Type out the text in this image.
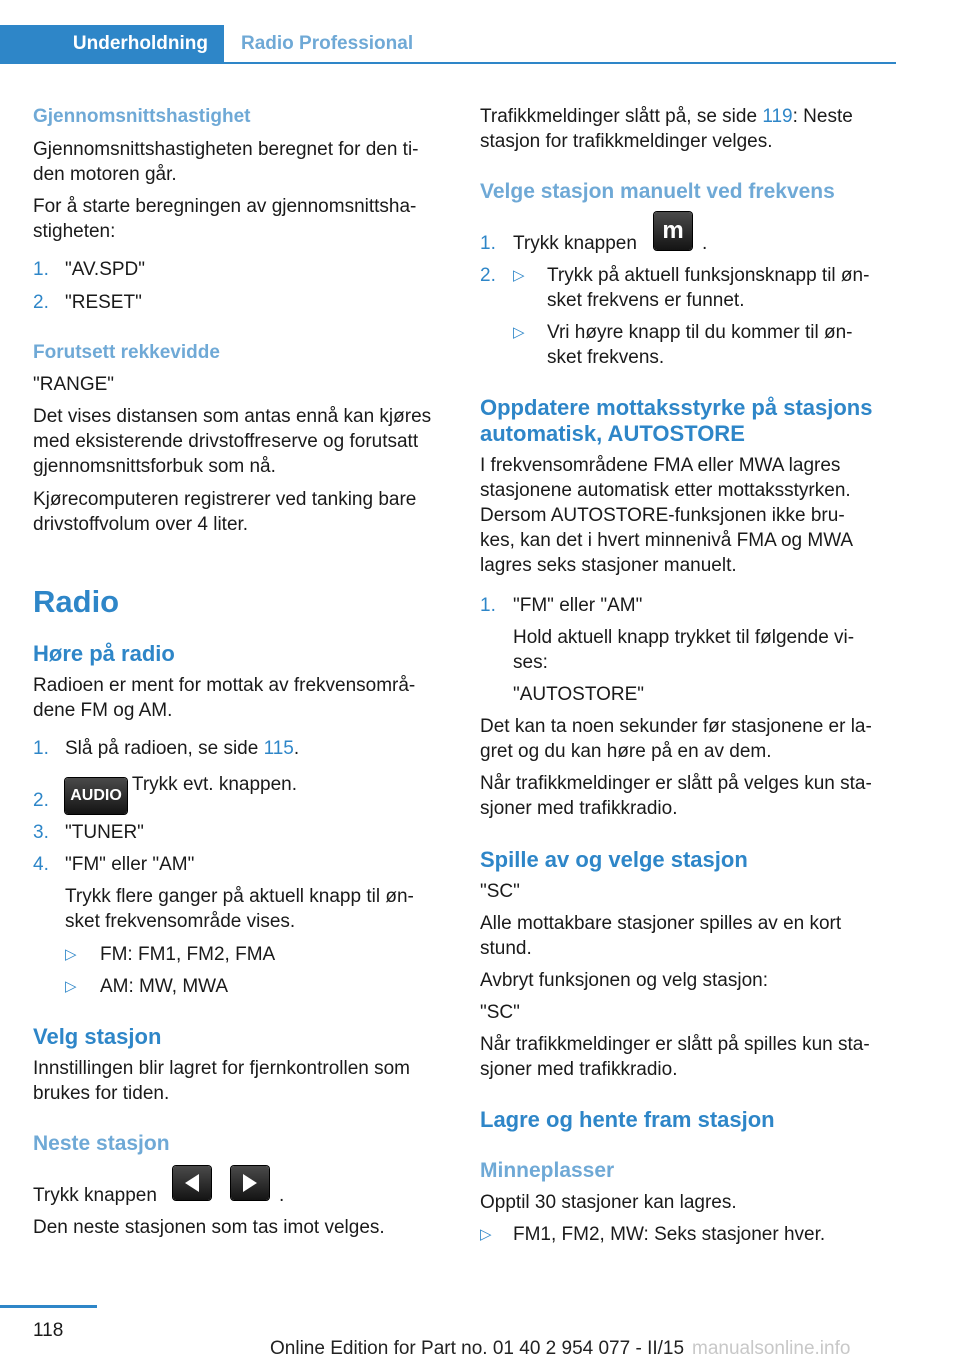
Underholdning	Radio Professional
Gjennomsnittshastighet
Gjennomsnittshastigheten beregnet for den ti-
den motoren går.
For å starte beregningen av gjennomsnittsha-
stigheten:
1. "AV.SPD"
2. "RESET"
Forutsett rekkevidde
"RANGE"
Det vises distansen som antas ennå kan kjøres
med eksisterende drivstoffreserve og forutsatt
gjennomsnittsforbuk som nå.
Kjørecomputeren registrerer ved tanking bare
drivstoffvolum over 4 liter.
Radio
Høre på radio
Radioen er ment for mottak av frekvensområ-
dene FM og AM.
1. Slå på radioen, se side 115.
2.	AUDIO Trykk evt. knappen.
3. "TUNER"
4. "FM" eller "AM"
Trykk flere ganger på aktuell knapp til øn-
sket frekvensområde vises.
▷ FM: FM1, FM2, FMA
▷ AM: MW, MWA
Velg stasjon
Innstillingen blir lagret for fjernkontrollen som
brukes for tiden.
Neste stasjon
Trykk knappen	.
Den neste stasjonen som tas imot velges.
Trafikkmeldinger slått på, se side 119: Neste
stasjon for trafikkmeldinger velges.
Velge stasjon manuelt ved frekvens
1. Trykk knappen	m .
2. ▷ Trykk på aktuell funksjonsknapp til øn-
sket frekvens er funnet.
▷ Vri høyre knapp til du kommer til øn-
sket frekvens.
Oppdatere mottaksstyrke på stasjons
automatisk, AUTOSTORE
I frekvensområdene FMA eller MWA lagres
stasjonene automatisk etter mottaksstyrken.
Dersom AUTOSTORE-funksjonen ikke bru-
kes, kan det i hvert minnenivå FMA og MWA
lagres seks stasjoner manuelt.
1. "FM" eller "AM"
Hold aktuell knapp trykket til følgende vi-
ses:
"AUTOSTORE"
Det kan ta noen sekunder før stasjonene er la-
gret og du kan høre på en av dem.
Når trafikkmeldinger er slått på velges kun sta-
sjoner med trafikkradio.
Spille av og velge stasjon
"SC"
Alle mottakbare stasjoner spilles av en kort
stund.
Avbryt funksjonen og velg stasjon:
"SC"
Når trafikkmeldinger er slått på spilles kun sta-
sjoner med trafikkradio.
Lagre og hente fram stasjon
Minneplasser
Opptil 30 stasjoner kan lagres.
▷ FM1, FM2, MW: Seks stasjoner hver.
118
Online Edition for Part no. 01 40 2 954 077 - II/15 manualsonline.info
